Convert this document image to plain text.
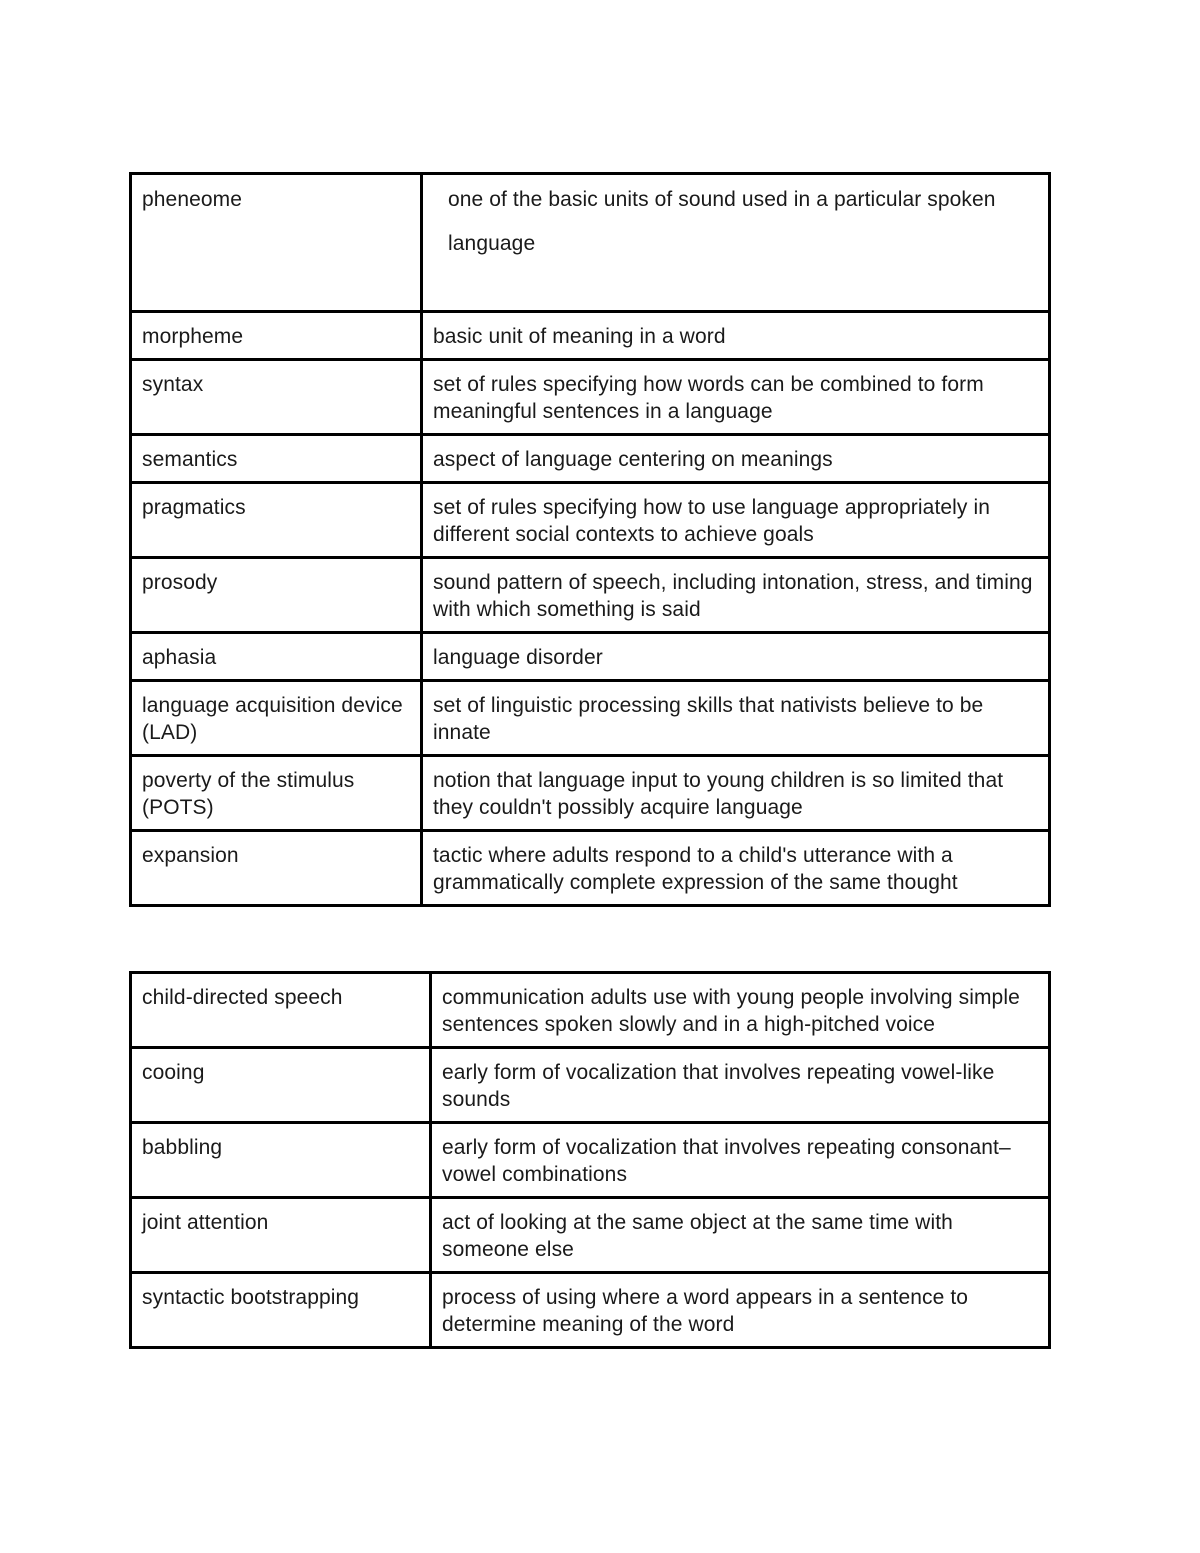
pheneome	one of the basic units of sound used in a particular spoken language
morpheme	basic unit of meaning in a word
syntax	set of rules specifying how words can be combined to form meaningful sentences in a language
semantics	aspect of language centering on meanings
pragmatics	set of rules specifying how to use language appropriately in different social contexts to achieve goals
prosody	sound pattern of speech, including intonation, stress, and timing with which something is said
aphasia	language disorder
language acquisition device (LAD)	set of linguistic processing skills that nativists believe to be innate
poverty of the stimulus (POTS)	notion that language input to young children is so limited that they couldn't possibly acquire language
expansion	tactic where adults respond to a child's utterance with a grammatically complete expression of the same thought
child-directed speech	communication adults use with young people involving simple sentences spoken slowly and in a high-pitched voice
cooing	early form of vocalization that involves repeating vowel-like sounds
babbling	early form of vocalization that involves repeating consonant–vowel combinations
joint attention	act of looking at the same object at the same time with someone else
syntactic bootstrapping	process of using where a word appears in a sentence to determine meaning of the word
